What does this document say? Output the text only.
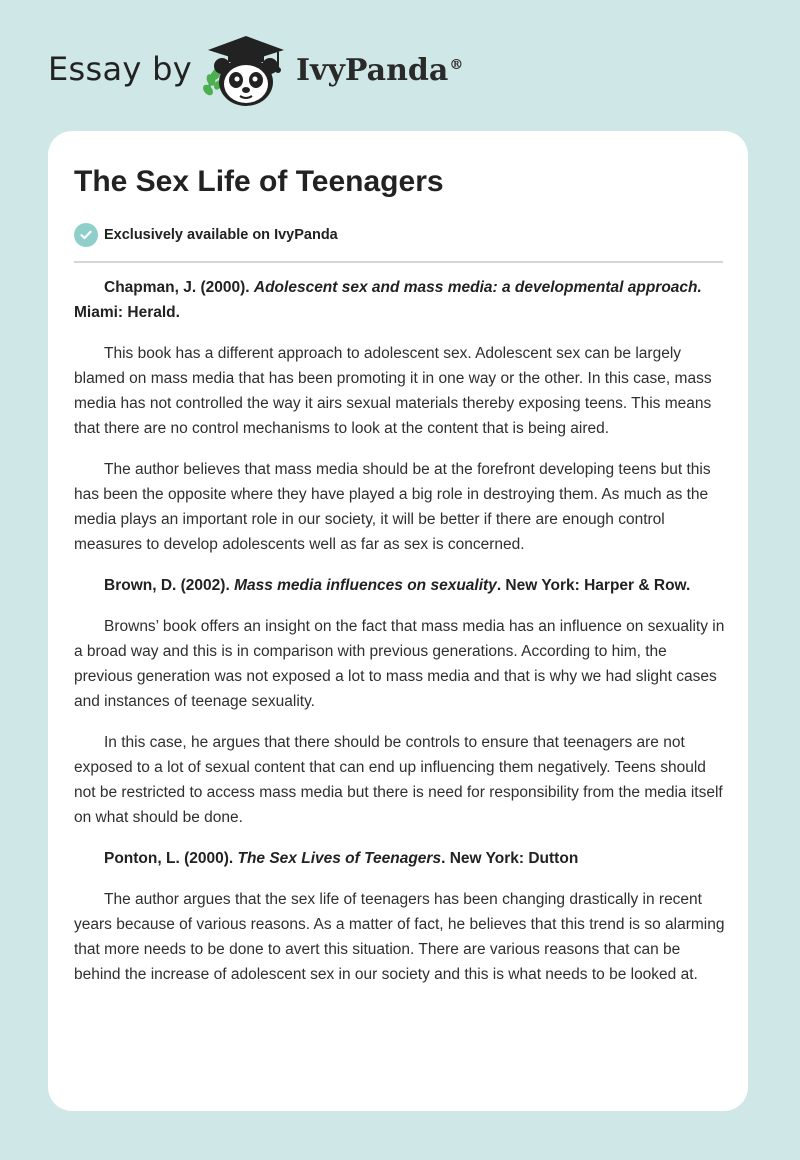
Essay by	IvyPanda®
The Sex Life of Teenagers
Exclusively available on IvyPanda

Chapman, J. (2000). Adolescent sex and mass media: a developmental approach. Miami: Herald.

This book has a different approach to adolescent sex. Adolescent sex can be largely blamed on mass media that has been promoting it in one way or the other. In this case, mass media has not controlled the way it airs sexual materials thereby exposing teens. This means that there are no control mechanisms to look at the content that is being aired.

The author believes that mass media should be at the forefront developing teens but this has been the opposite where they have played a big role in destroying them. As much as the media plays an important role in our society, it will be better if there are enough control measures to develop adolescents well as far as sex is concerned.

Brown, D. (2002). Mass media influences on sexuality. New York: Harper & Row.

Browns’ book offers an insight on the fact that mass media has an influence on sexuality in a broad way and this is in comparison with previous generations. According to him, the previous generation was not exposed a lot to mass media and that is why we had slight cases and instances of teenage sexuality.

In this case, he argues that there should be controls to ensure that teenagers are not exposed to a lot of sexual content that can end up influencing them negatively. Teens should not be restricted to access mass media but there is need for responsibility from the media itself on what should be done.

Ponton, L. (2000). The Sex Lives of Teenagers. New York: Dutton

The author argues that the sex life of teenagers has been changing drastically in recent years because of various reasons. As a matter of fact, he believes that this trend is so alarming that more needs to be done to avert this situation. There are various reasons that can be behind the increase of adolescent sex in our society and this is what needs to be looked at.
